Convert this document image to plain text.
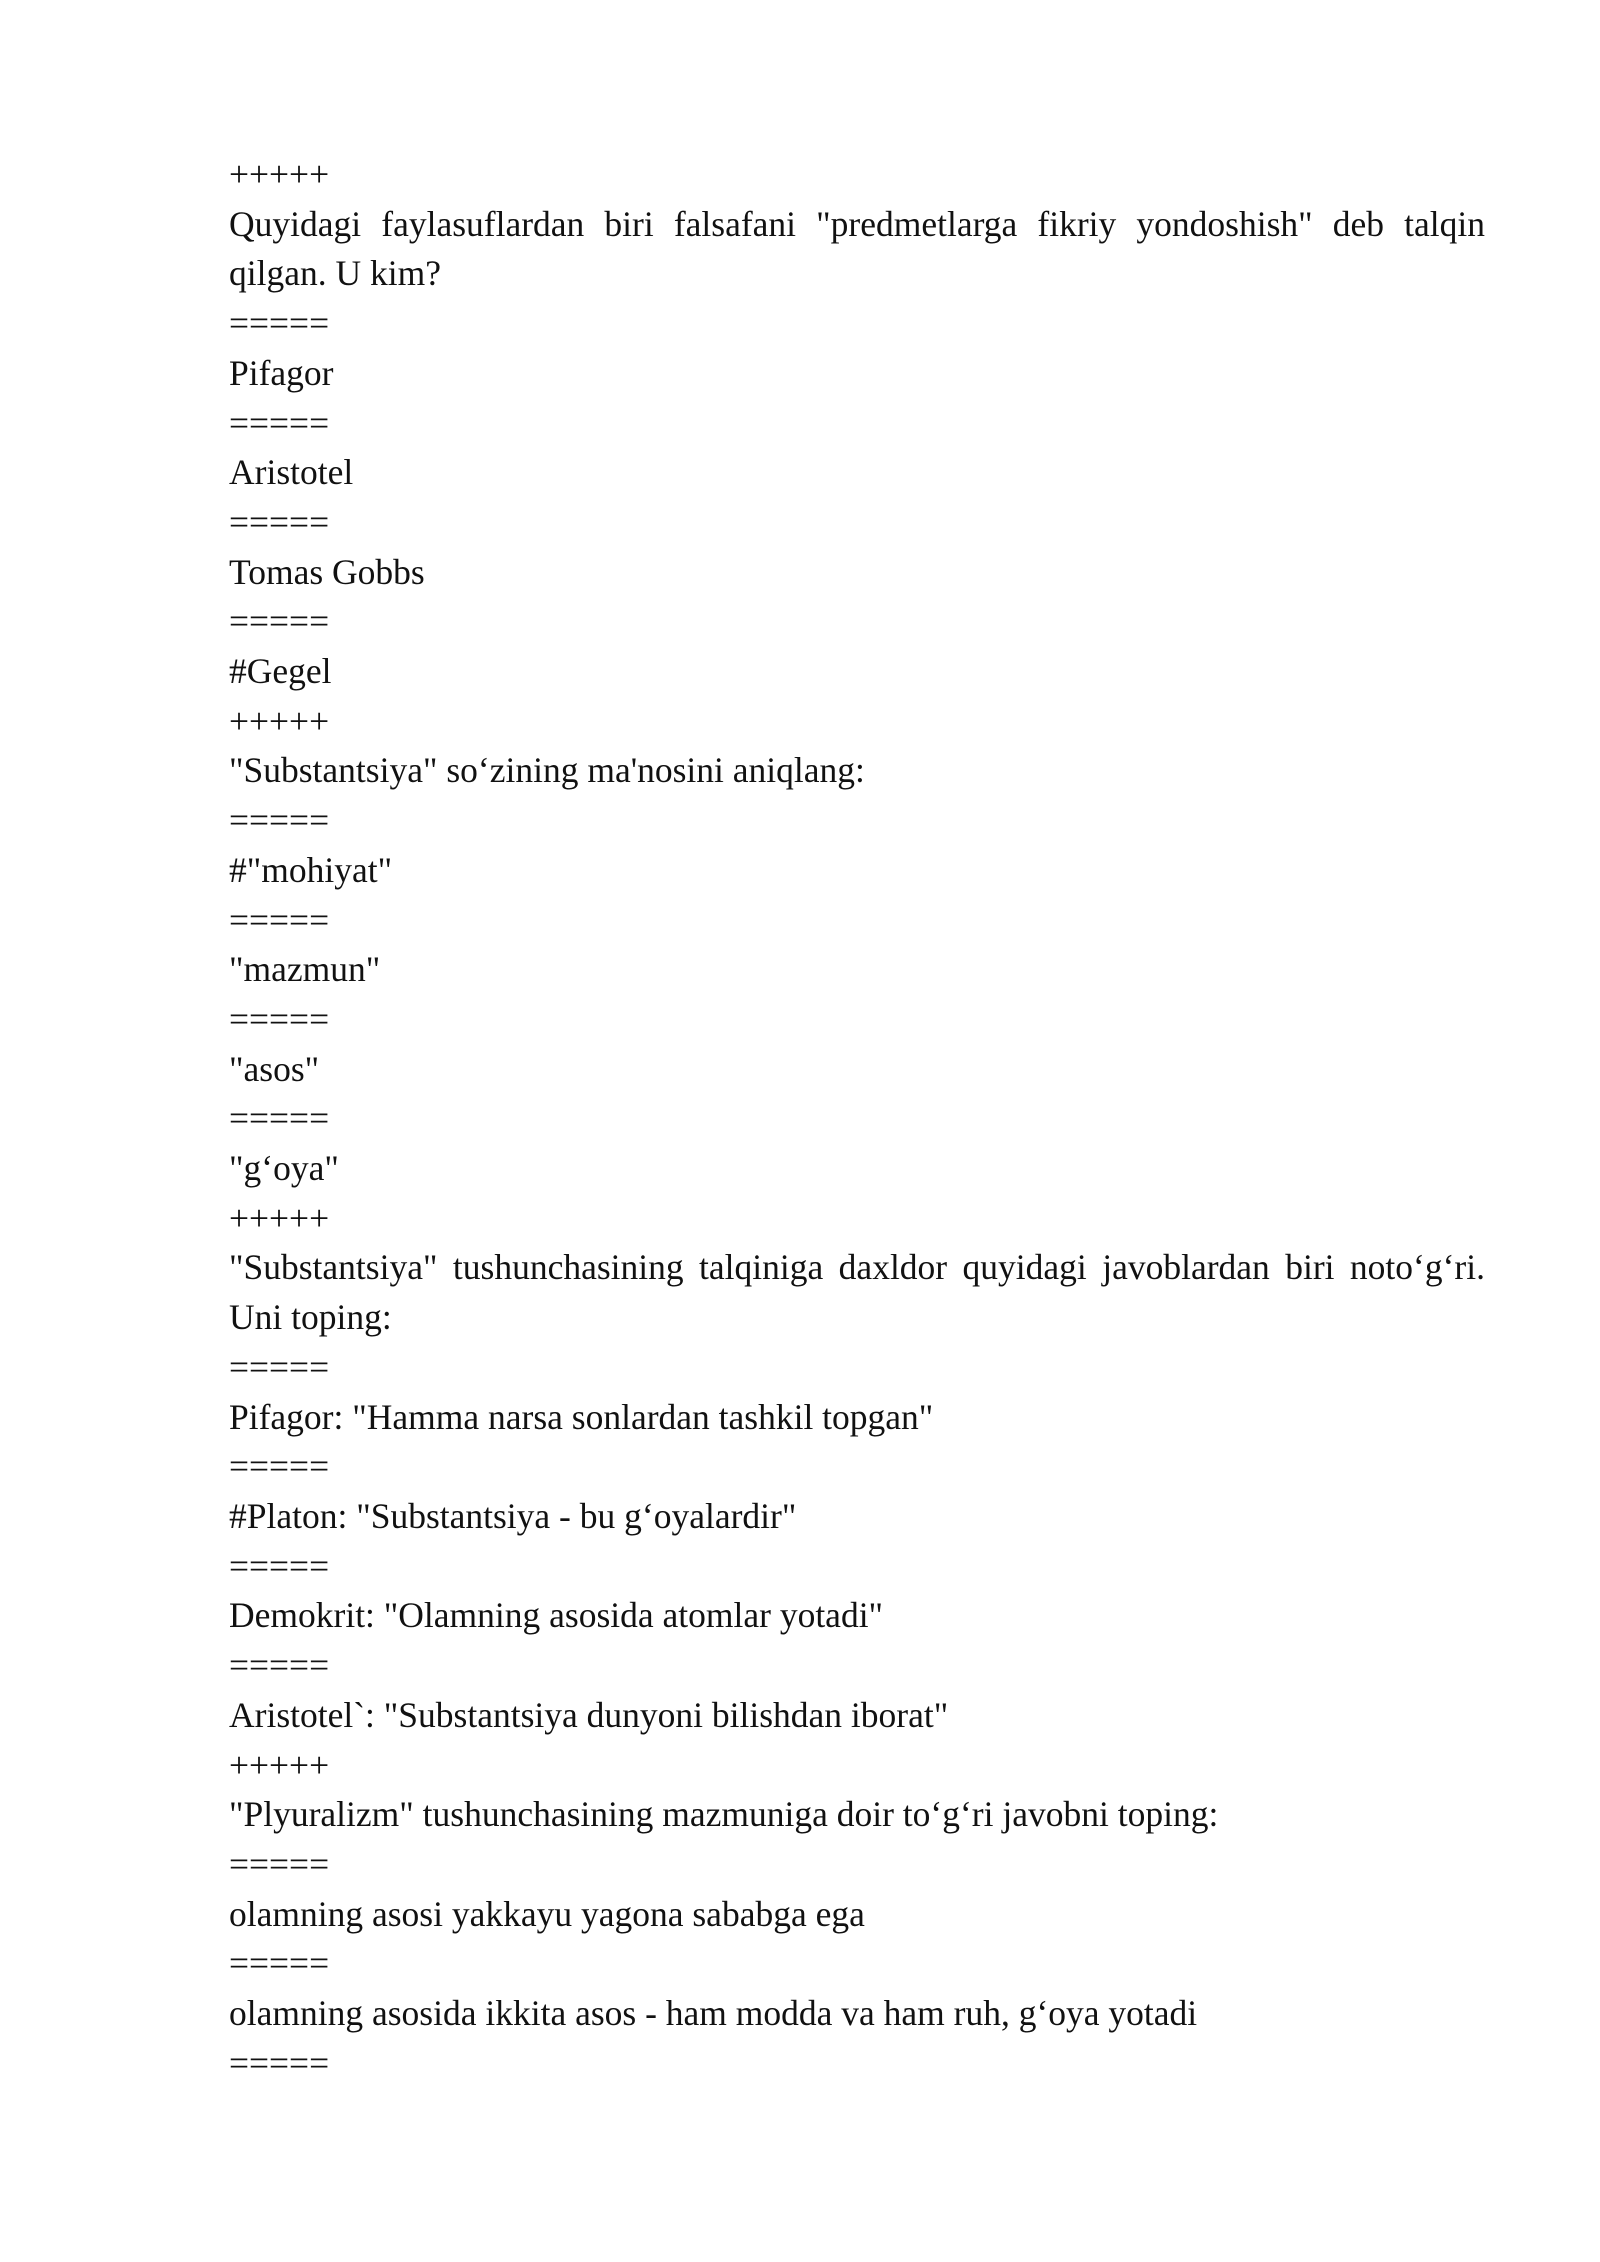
+++++

Quyidagi faylasuflardan biri falsafani "predmetlarga fikriy yondoshish" deb talqin qilgan. U kim?

=====

Pifagor

=====

Aristotel

=====

Tomas Gobbs

=====

#Gegel

+++++

"Substantsiya" so‘zining ma'nosini aniqlang:

=====

#"mohiyat"

=====

"mazmun"

=====

"asos"

=====

"g‘oya"

+++++

"Substantsiya" tushunchasining talqiniga daxldor quyidagi javoblardan biri noto‘g‘ri. Uni toping:

=====

Pifagor: "Hamma narsa sonlardan tashkil topgan"

=====

#Platon: "Substantsiya - bu g‘oyalardir"

=====

Demokrit: "Olamning asosida atomlar yotadi"

=====

Aristotel`: "Substantsiya dunyoni bilishdan iborat"

+++++

"Plyuralizm" tushunchasining mazmuniga doir to‘g‘ri javobni toping:

=====

olamning asosi yakkayu yagona sababga ega

=====

olamning asosida ikkita asos - ham modda va ham ruh, g‘oya yotadi

=====
